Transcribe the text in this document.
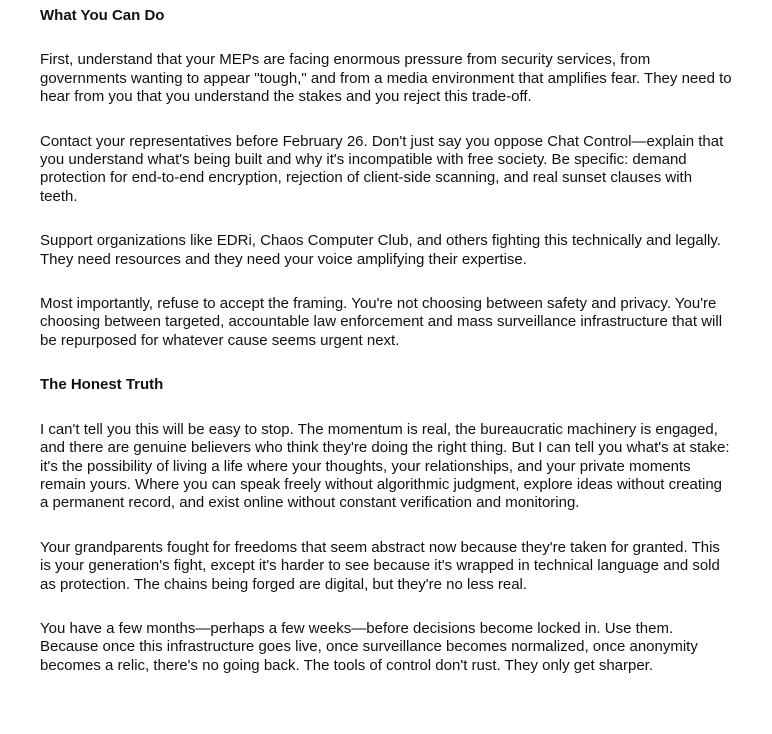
What You Can Do

First, understand that your MEPs are facing enormous pressure from security services, from governments wanting to appear "tough," and from a media environment that amplifies fear. They need to hear from you that you understand the stakes and you reject this trade-off.

Contact your representatives before February 26. Don't just say you oppose Chat Control—explain that you understand what's being built and why it's incompatible with free society. Be specific: demand protection for end-to-end encryption, rejection of client-side scanning, and real sunset clauses with teeth.

Support organizations like EDRi, Chaos Computer Club, and others fighting this technically and legally. They need resources and they need your voice amplifying their expertise.

Most importantly, refuse to accept the framing. You're not choosing between safety and privacy. You're choosing between targeted, accountable law enforcement and mass surveillance infrastructure that will be repurposed for whatever cause seems urgent next.

The Honest Truth

I can't tell you this will be easy to stop. The momentum is real, the bureaucratic machinery is engaged, and there are genuine believers who think they're doing the right thing. But I can tell you what's at stake: it's the possibility of living a life where your thoughts, your relationships, and your private moments remain yours. Where you can speak freely without algorithmic judgment, explore ideas without creating a permanent record, and exist online without constant verification and monitoring.

Your grandparents fought for freedoms that seem abstract now because they're taken for granted. This is your generation's fight, except it's harder to see because it's wrapped in technical language and sold as protection. The chains being forged are digital, but they're no less real.

You have a few months—perhaps a few weeks—before decisions become locked in. Use them. Because once this infrastructure goes live, once surveillance becomes normalized, once anonymity becomes a relic, there's no going back. The tools of control don't rust. They only get sharper.
